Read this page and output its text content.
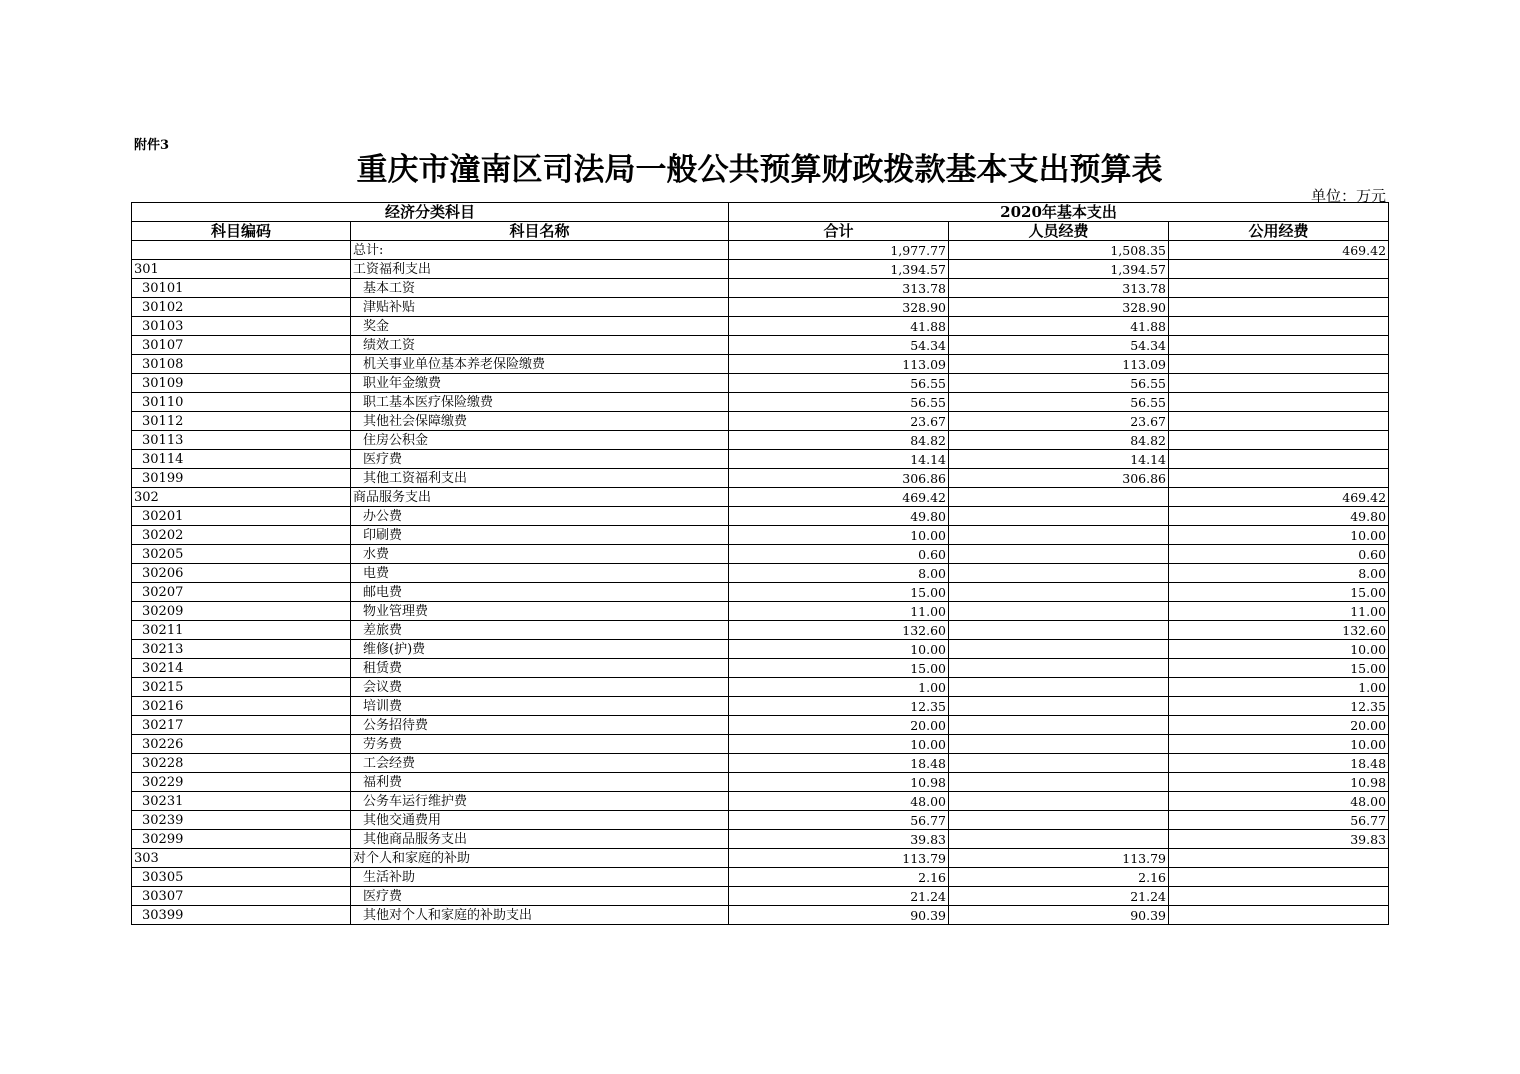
附件3
重庆市潼南区司法局一般公共预算财政拨款基本支出预算表
单位：万元
经济分类科目		2020年基本支出		
科目编码	科目名称	合计	人员经费	公用经费
	总计:	1,977.77	1,508.35	469.42
301	工资福利支出	1,394.57	1,394.57	
30101	基本工资	313.78	313.78	
30102	津贴补贴	328.90	328.90	
30103	奖金	41.88	41.88	
30107	绩效工资	54.34	54.34	
30108	机关事业单位基本养老保险缴费	113.09	113.09	
30109	职业年金缴费	56.55	56.55	
30110	职工基本医疗保险缴费	56.55	56.55	
30112	其他社会保障缴费	23.67	23.67	
30113	住房公积金	84.82	84.82	
30114	医疗费	14.14	14.14	
30199	其他工资福利支出	306.86	306.86	
302	商品服务支出	469.42		469.42
30201	办公费	49.80		49.80
30202	印刷费	10.00		10.00
30205	水费	0.60		0.60
30206	电费	8.00		8.00
30207	邮电费	15.00		15.00
30209	物业管理费	11.00		11.00
30211	差旅费	132.60		132.60
30213	维修(护)费	10.00		10.00
30214	租赁费	15.00		15.00
30215	会议费	1.00		1.00
30216	培训费	12.35		12.35
30217	公务招待费	20.00		20.00
30226	劳务费	10.00		10.00
30228	工会经费	18.48		18.48
30229	福利费	10.98		10.98
30231	公务车运行维护费	48.00		48.00
30239	其他交通费用	56.77		56.77
30299	其他商品服务支出	39.83		39.83
303	对个人和家庭的补助	113.79	113.79	
30305	生活补助	2.16	2.16	
30307	医疗费	21.24	21.24	
30399	其他对个人和家庭的补助支出	90.39	90.39	
